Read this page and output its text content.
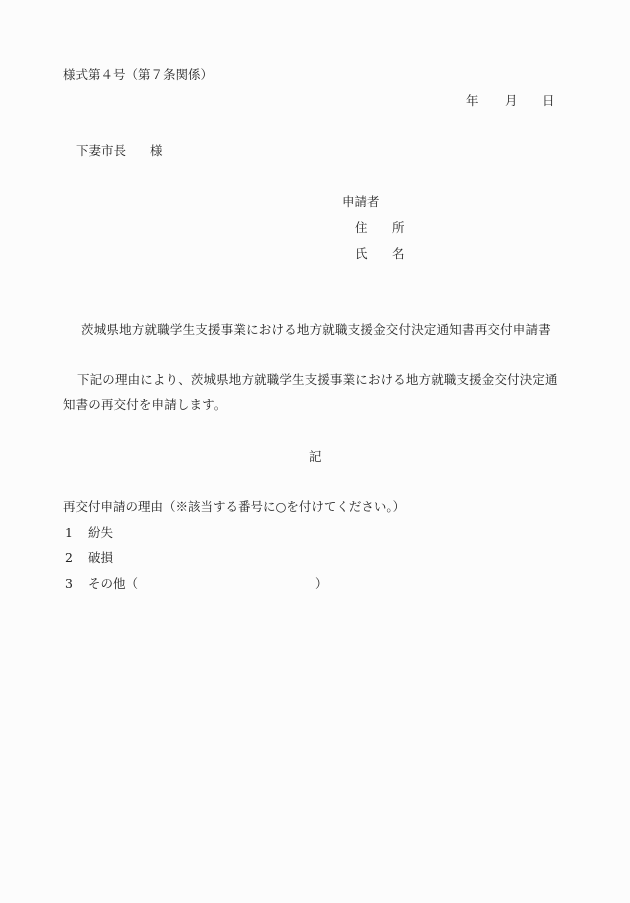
様式第４号（第７条関係）
年 月 日
下妻市長 様
申請者
住 所
氏 名
茨城県地方就職学生支援事業における地方就職支援金交付決定通知書再交付申請書
下記の理由により、茨城県地方就職学生支援事業における地方就職支援金交付決定通
知書の再交付を申請します。
記
再交付申請の理由（※該当する番号に○を付けてください。）
1 紛失
2 破損
3 その他（	）
